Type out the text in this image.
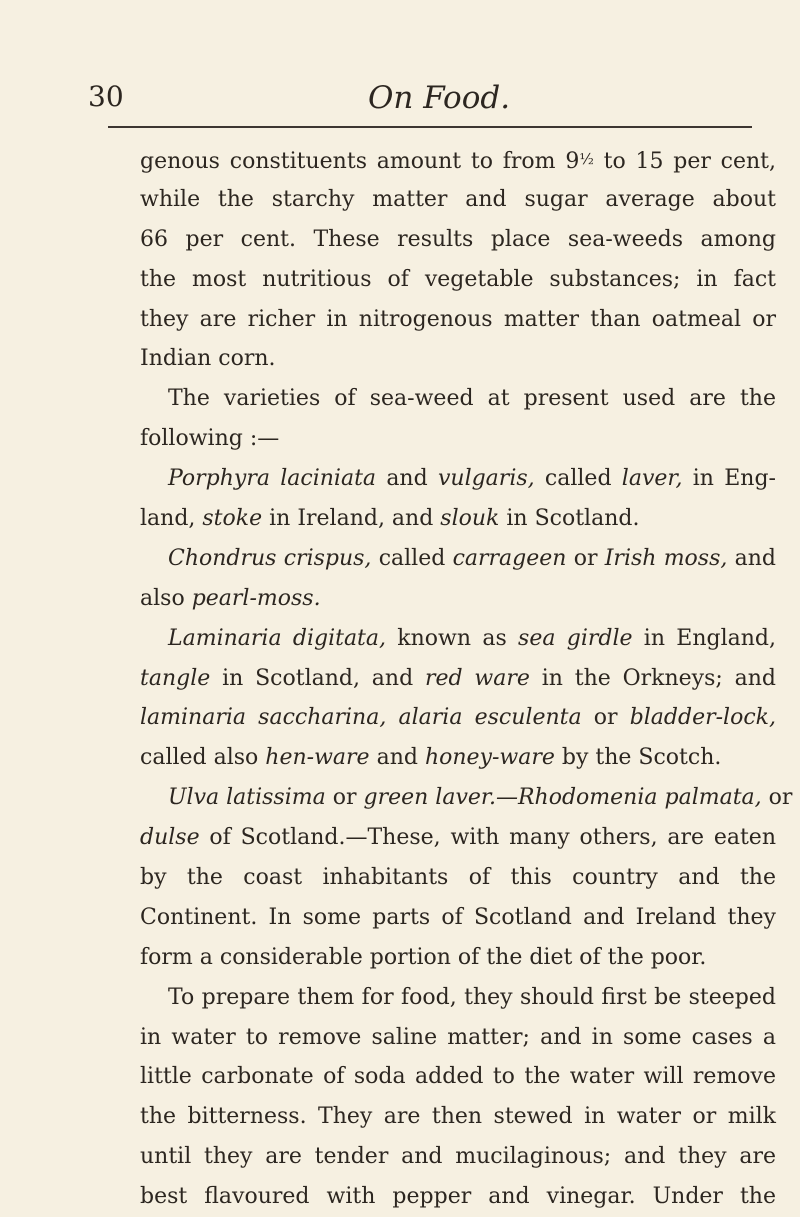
30	On Food.
genous constituents amount to from 9½ to 15 per cent,
while the starchy matter and sugar average about
66 per cent. These results place sea-weeds among
the most nutritious of vegetable substances; in fact
they are richer in nitrogenous matter than oatmeal or
Indian corn.
The varieties of sea-weed at present used are the
following :—
Porphyra laciniata and vulgaris, called laver, in Eng-
land, stoke in Ireland, and slouk in Scotland.
Chondrus crispus, called carrageen or Irish moss, and
also pearl-moss.
Laminaria digitata, known as sea girdle in England,
tangle in Scotland, and red ware in the Orkneys; and
laminaria saccharina, alaria esculenta or bladder-lock,
called also hen-ware and honey-ware by the Scotch.
Ulva latissima or green laver.—Rhodomenia palmata, or
dulse of Scotland.—These, with many others, are eaten
by the coast inhabitants of this country and the
Continent. In some parts of Scotland and Ireland they
form a considerable portion of the diet of the poor.
To prepare them for food, they should first be steeped
in water to remove saline matter; and in some cases a
little carbonate of soda added to the water will remove
the bitterness. They are then stewed in water or milk
until they are tender and mucilaginous; and they are
best flavoured with pepper and vinegar. Under the
